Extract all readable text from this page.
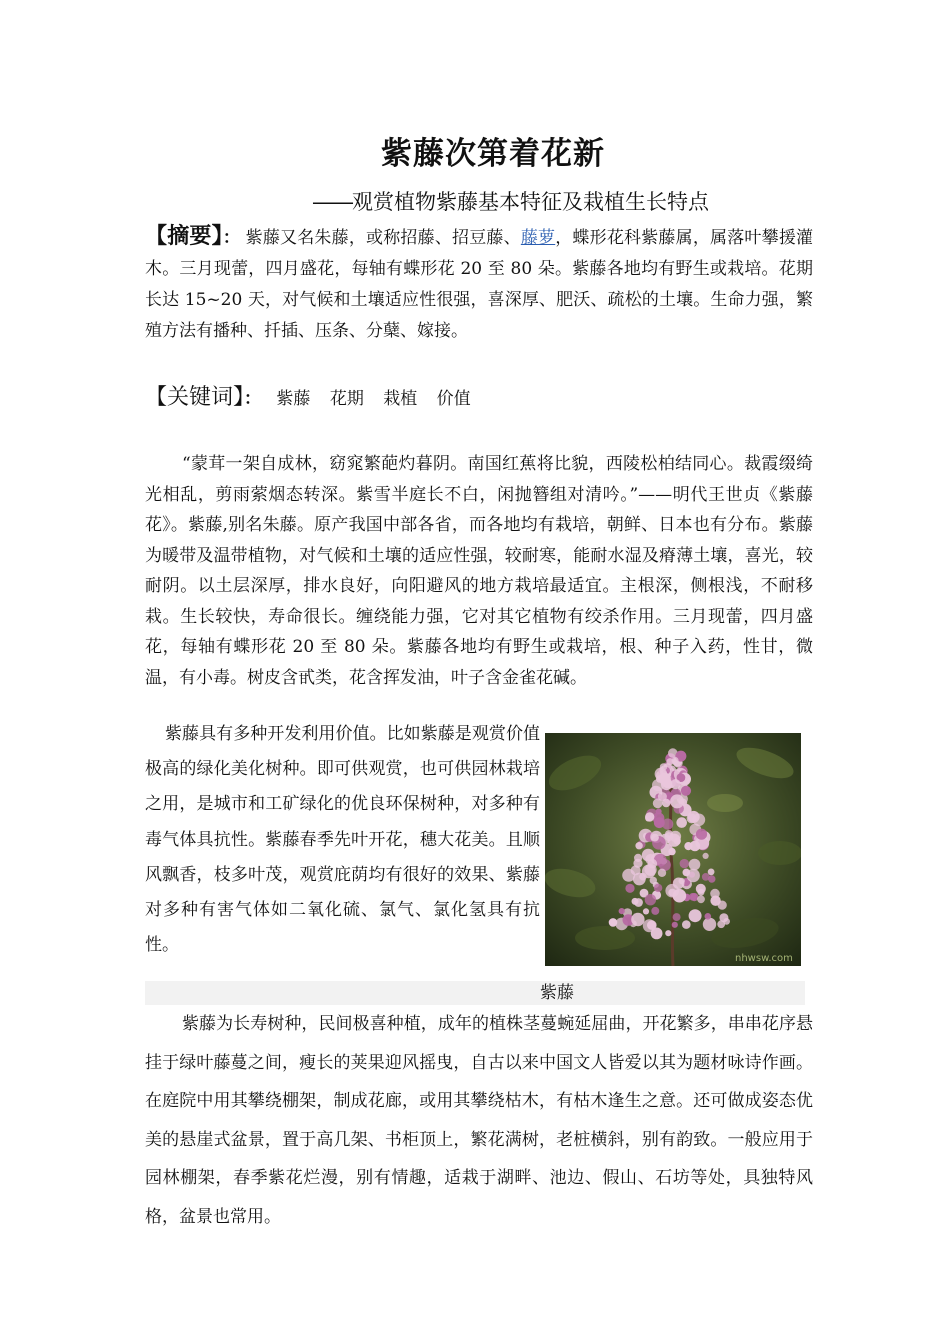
紫藤次第着花新
——观赏植物紫藤基本特征及栽植生长特点

【摘要】： 紫藤又名朱藤，或称招藤、招豆藤、藤萝，蝶形花科紫藤属，属落叶攀援灌木。三月现蕾，四月盛花，每轴有蝶形花 20 至 80 朵。紫藤各地均有野生或栽培。花期长达 15~20 天，对气候和土壤适应性很强，喜深厚、肥沃、疏松的土壤。生命力强，繁殖方法有播种、扦插、压条、分蘖、嫁接。

【关键词】： 紫藤 花期 栽植 价值

“蒙茸一架自成林，窈窕繁葩灼暮阴。南国红蕉将比貌，西陵松柏结同心。裁霞缀绮光相乱，剪雨萦烟态转深。紫雪半庭长不白，闲抛簪组对清吟。”——明代王世贞《紫藤花》。紫藤,别名朱藤。原产我国中部各省，而各地均有栽培，朝鲜、日本也有分布。紫藤为暖带及温带植物，对气候和土壤的适应性强，较耐寒，能耐水湿及瘠薄土壤，喜光，较耐阴。以土层深厚，排水良好，向阳避风的地方栽培最适宜。主根深，侧根浅，不耐移栽。生长较快，寿命很长。缠绕能力强，它对其它植物有绞杀作用。三月现蕾，四月盛花，每轴有蝶形花 20 至 80 朵。紫藤各地均有野生或栽培，根、种子入药，性甘，微温，有小毒。树皮含甙类，花含挥发油，叶子含金雀花碱。

紫藤具有多种开发利用价值。比如紫藤是观赏价值极高的绿化美化树种。即可供观赏，也可供园林栽培之用，是城市和工矿绿化的优良环保树种，对多种有毒气体具抗性。紫藤春季先叶开花，穗大花美。且顺风飘香，枝多叶茂，观赏庇荫均有很好的效果、紫藤对多种有害气体如二氧化硫、氯气、氯化氢具有抗性。

nhwsw.com
紫藤

紫藤为长寿树种，民间极喜种植，成年的植株茎蔓蜿延屈曲，开花繁多，串串花序悬挂于绿叶藤蔓之间，瘦长的荚果迎风摇曳，自古以来中国文人皆爱以其为题材咏诗作画。在庭院中用其攀绕棚架，制成花廊，或用其攀绕枯木，有枯木逢生之意。还可做成姿态优美的悬崖式盆景，置于高几架、书柜顶上，繁花满树，老桩横斜，别有韵致。一般应用于园林棚架，春季紫花烂漫，别有情趣，适栽于湖畔、池边、假山、石坊等处，具独特风格，盆景也常用。
